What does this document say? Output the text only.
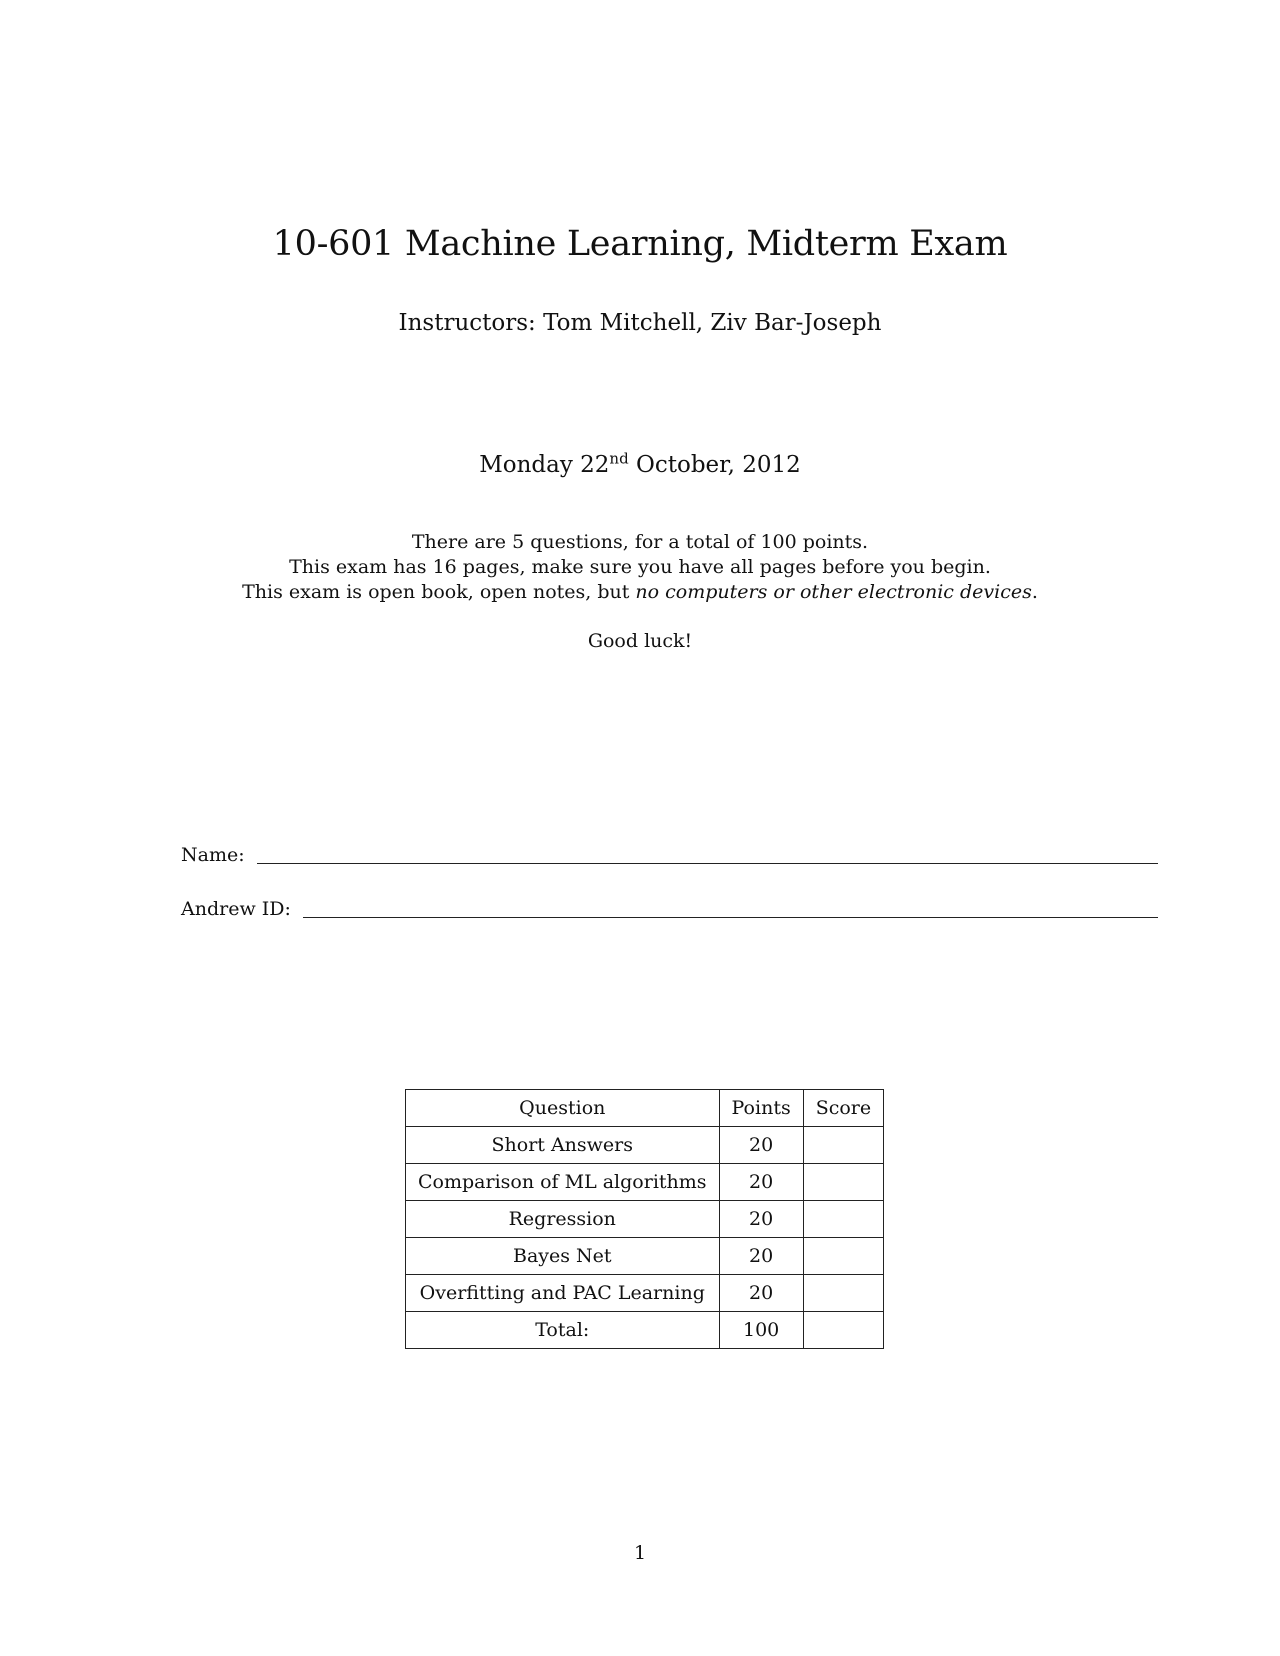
10-601 Machine Learning, Midterm Exam
Instructors: Tom Mitchell, Ziv Bar-Joseph
Monday 22nd October, 2012
There are 5 questions, for a total of 100 points.
This exam has 16 pages, make sure you have all pages before you begin.
This exam is open book, open notes, but no computers or other electronic devices.
Good luck!
Name:
Andrew ID:
Question	Points	Score
Short Answers	20	
Comparison of ML algorithms	20	
Regression	20	
Bayes Net	20	
Overfitting and PAC Learning	20	
Total:	100	
1
